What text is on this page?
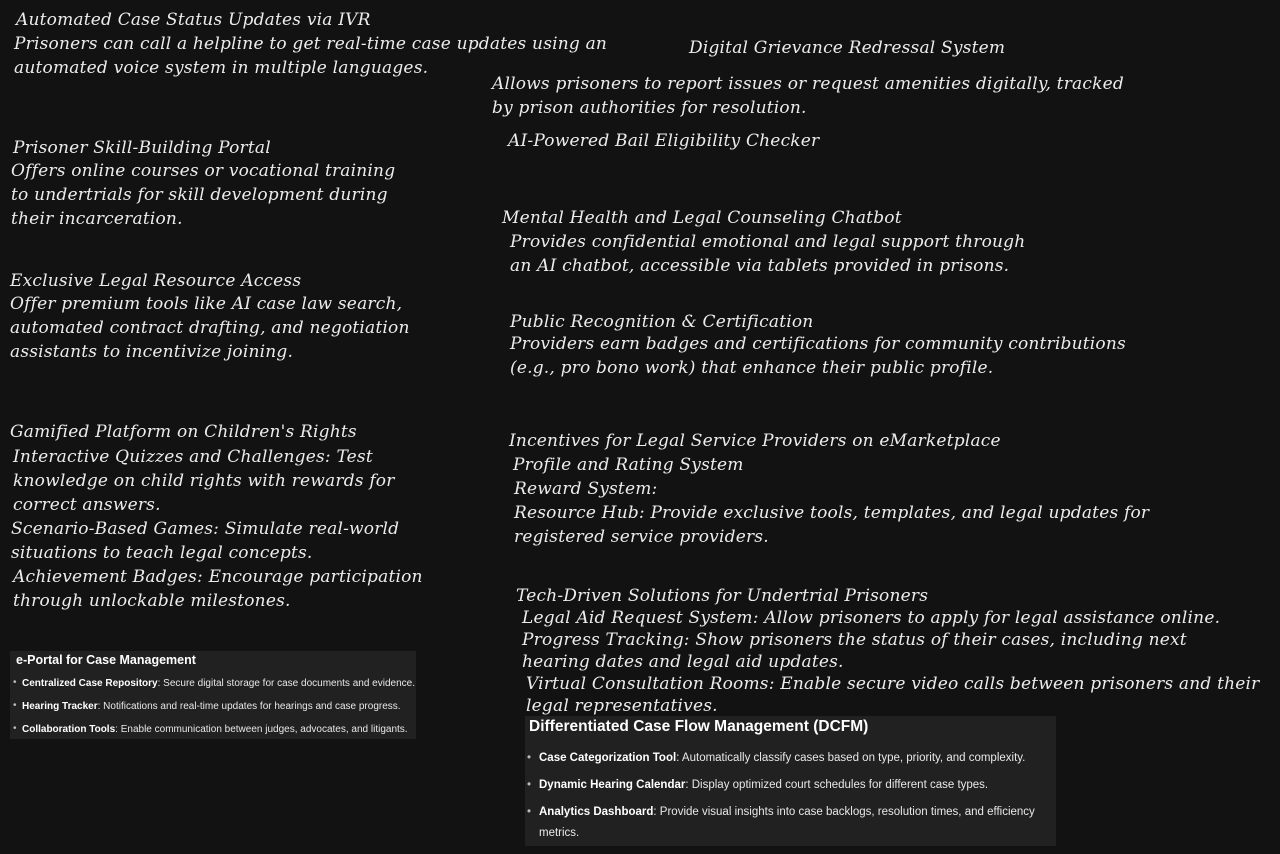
Automated Case Status Updates via IVR
Prisoners can call a helpline to get real-time case updates using an
automated voice system in multiple languages.
Prisoner Skill-Building Portal
Offers online courses or vocational training
to undertrials for skill development during
their incarceration.
Exclusive Legal Resource Access
Offer premium tools like AI case law search,
automated contract drafting, and negotiation
assistants to incentivize joining.
Gamified Platform on Children's Rights
Interactive Quizzes and Challenges: Test
knowledge on child rights with rewards for
correct answers.
Scenario-Based Games: Simulate real-world
situations to teach legal concepts.
Achievement Badges: Encourage participation
through unlockable milestones.
Digital Grievance Redressal System
Allows prisoners to report issues or request amenities digitally, tracked
by prison authorities for resolution.
AI-Powered Bail Eligibility Checker
Mental Health and Legal Counseling Chatbot
Provides confidential emotional and legal support through
an AI chatbot, accessible via tablets provided in prisons.
Public Recognition & Certification
Providers earn badges and certifications for community contributions
(e.g., pro bono work) that enhance their public profile.
Incentives for Legal Service Providers on eMarketplace
Profile and Rating System
Reward System:
Resource Hub: Provide exclusive tools, templates, and legal updates for
registered service providers.
Tech-Driven Solutions for Undertrial Prisoners
Legal Aid Request System: Allow prisoners to apply for legal assistance online.
Progress Tracking: Show prisoners the status of their cases, including next
hearing dates and legal aid updates.
Virtual Consultation Rooms: Enable secure video calls between prisoners and their
legal representatives.
e-Portal for Case Management
• Centralized Case Repository: Secure digital storage for case documents and evidence.
• Hearing Tracker: Notifications and real-time updates for hearings and case progress.
• Collaboration Tools: Enable communication between judges, advocates, and litigants.	Differentiated Case Flow Management (DCFM)
• Case Categorization Tool: Automatically classify cases based on type, priority, and complexity.
• Dynamic Hearing Calendar: Display optimized court schedules for different case types.
• Analytics Dashboard: Provide visual insights into case backlogs, resolution times, and efficiency metrics.
